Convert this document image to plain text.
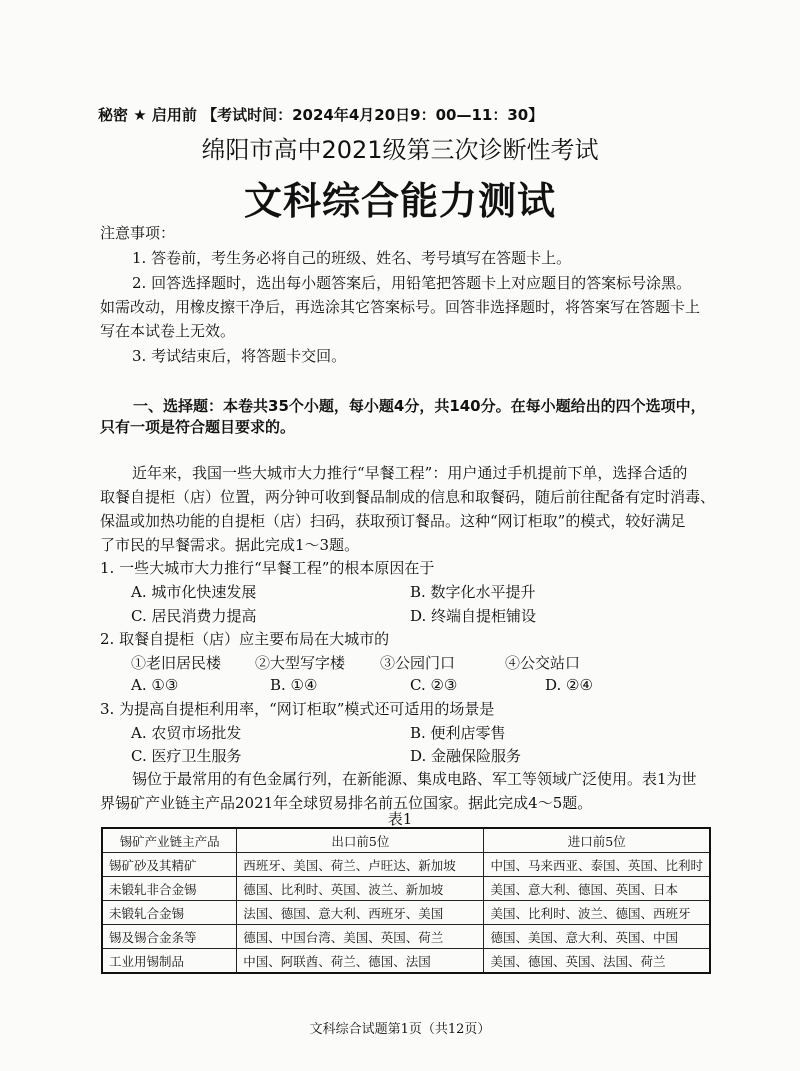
秘密 ★ 启用前 【考试时间：2024年4月20日9：00—11：30】
绵阳市高中2021级第三次诊断性考试
文科综合能力测试
注意事项：
1. 答卷前，考生务必将自己的班级、姓名、考号填写在答题卡上。
2. 回答选择题时，选出每小题答案后，用铅笔把答题卡上对应题目的答案标号涂黑。
如需改动，用橡皮擦干净后，再选涂其它答案标号。回答非选择题时，将答案写在答题卡上
写在本试卷上无效。
3. 考试结束后，将答题卡交回。
一、选择题：本卷共35个小题，每小题4分，共140分。在每小题给出的四个选项中，
只有一项是符合题目要求的。
近年来，我国一些大城市大力推行“早餐工程”：用户通过手机提前下单，选择合适的
取餐自提柜（店）位置，两分钟可收到餐品制成的信息和取餐码，随后前往配备有定时消毒、
保温或加热功能的自提柜（店）扫码，获取预订餐品。这种“网订柜取”的模式，较好满足
了市民的早餐需求。据此完成1～3题。
1. 一些大城市大力推行“早餐工程”的根本原因在于
A. 城市化快速发展	B. 数字化水平提升
C. 居民消费力提高	D. 终端自提柜铺设
2. 取餐自提柜（店）应主要布局在大城市的
①老旧居民楼 ②大型写字楼 ③公园门口	④公交站口
A. ①③	B. ①④	C. ②③	D. ②④
3. 为提高自提柜利用率，“网订柜取”模式还可适用的场景是
A. 农贸市场批发	B. 便利店零售
C. 医疗卫生服务	D. 金融保险服务
锡位于最常用的有色金属行列，在新能源、集成电路、军工等领域广泛使用。表1为世
界锡矿产业链主产品2021年全球贸易排名前五位国家。据此完成4～5题。
表1
锡矿产业链主产品	出口前5位	进口前5位
锡矿砂及其精矿	西班牙、美国、荷兰、卢旺达、新加坡	中国、马来西亚、泰国、英国、比利时
未锻轧非合金锡	德国、比利时、英国、波兰、新加坡	美国、意大利、德国、英国、日本
未锻轧合金锡	法国、德国、意大利、西班牙、美国	美国、比利时、波兰、德国、西班牙
锡及锡合金条等	德国、中国台湾、美国、英国、荷兰	德国、美国、意大利、英国、中国
工业用锡制品	中国、阿联酋、荷兰、德国、法国	美国、德国、英国、法国、荷兰
文科综合试题第1页（共12页）
